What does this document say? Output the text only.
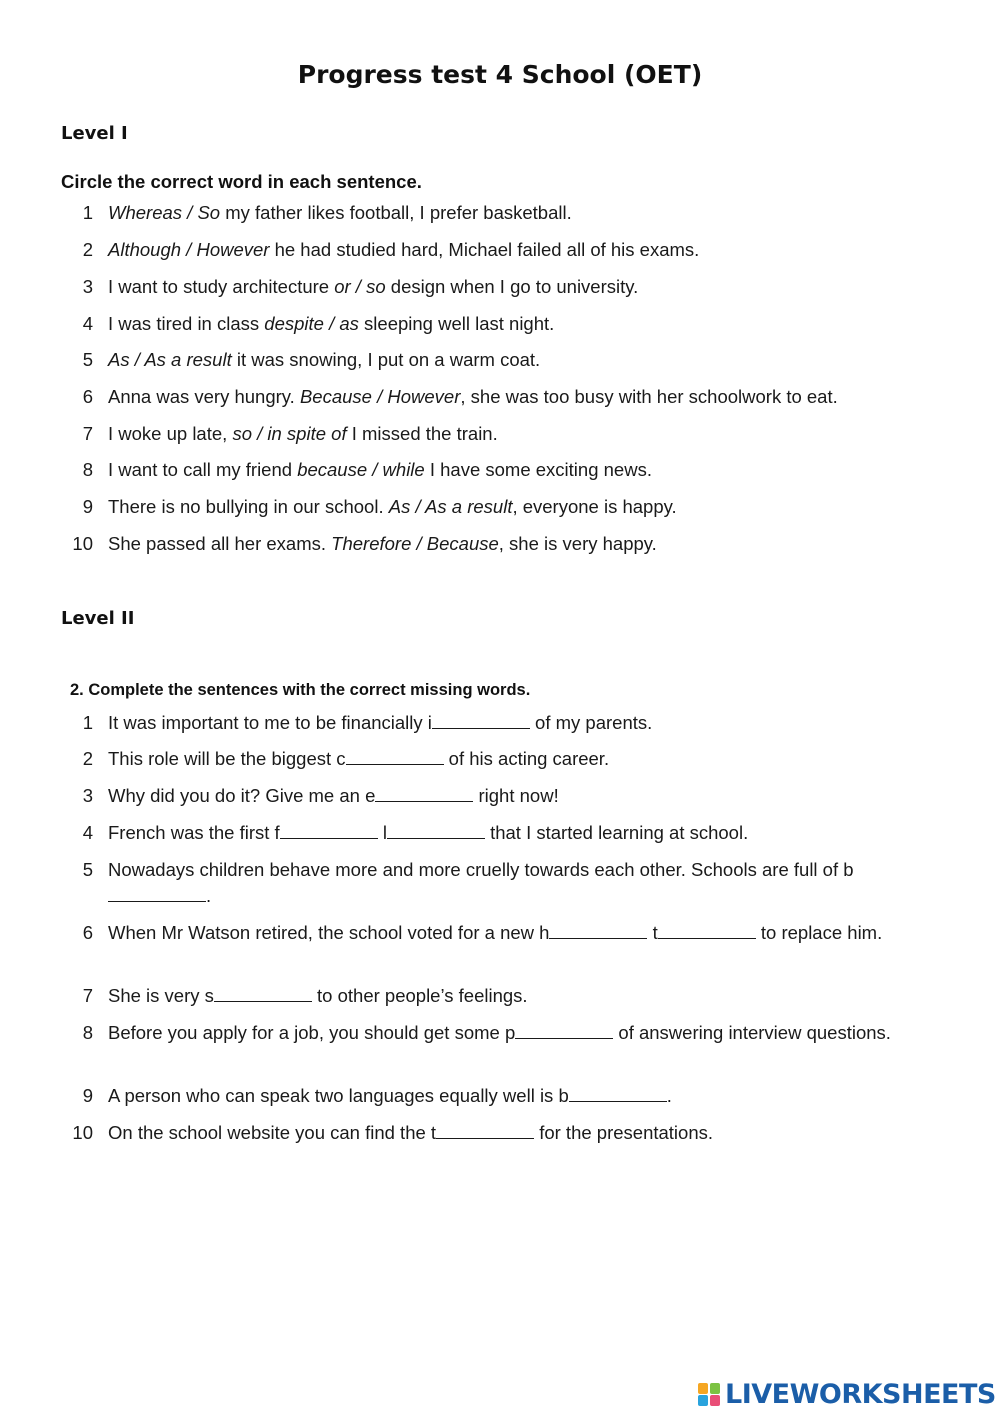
Progress test 4 School (OET)
Level I
Circle the correct word in each sentence.
1 Whereas / So my father likes football, I prefer basketball.
2 Although / However he had studied hard, Michael failed all of his exams.
3 I want to study architecture or / so design when I go to university.
4 I was tired in class despite / as sleeping well last night.
5 As / As a result it was snowing, I put on a warm coat.
6 Anna was very hungry. Because / However, she was too busy with her schoolwork to eat.
7 I woke up late, so / in spite of I missed the train.
8 I want to call my friend because / while I have some exciting news.
9 There is no bullying in our school. As / As a result, everyone is happy.
10 She passed all her exams. Therefore / Because, she is very happy.
Level II
2. Complete the sentences with the correct missing words.
1 It was important to me to be financially i	of my parents.
2 This role will be the biggest c	of his acting career.
3 Why did you do it? Give me an e	right now!
4 French was the first f	l	that I started learning at school.
5 Nowadays children behave more and more cruelly towards each other. Schools are full of b.
6 When Mr Watson retired, the school voted for a new h	t	to replace him.
7 She is very s	to other people’s feelings.
8 Before you apply for a job, you should get some p	of answering interview questions.
9 A person who can speak two languages equally well is b	.
10 On the school website you can find the t	for the presentations.
LIVEWORKSHEETS
